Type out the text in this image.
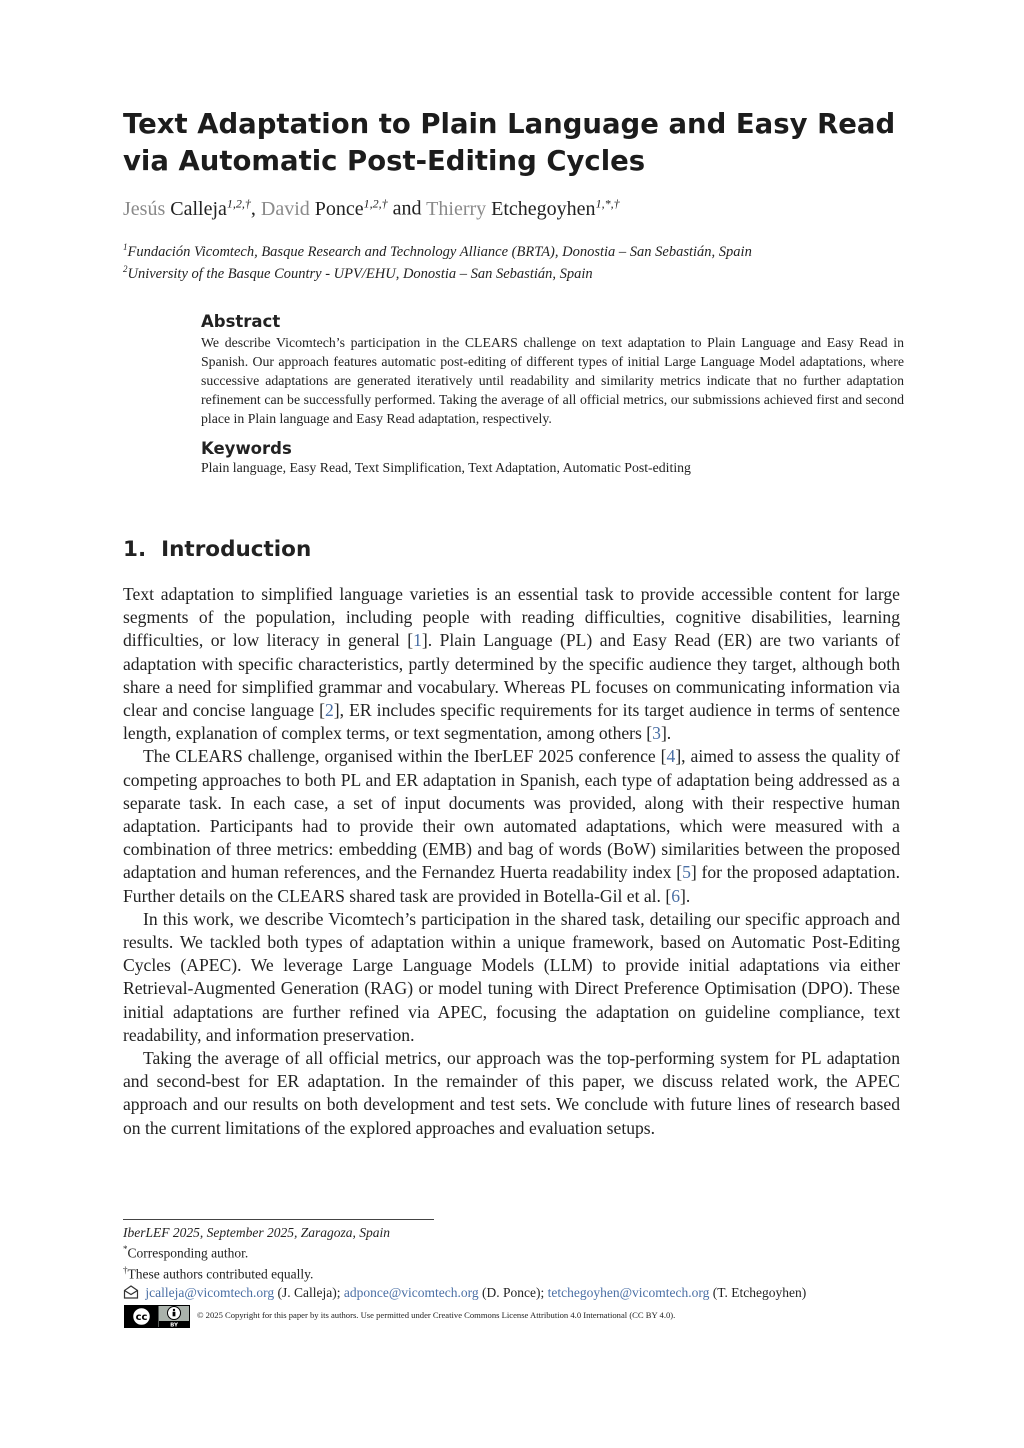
Text Adaptation to Plain Language and Easy Read via Automatic Post-Editing Cycles
Jesús Calleja$^{1,2,\dagger}$, David Ponce$^{1,2,\dagger}$ and Thierry Etchegoyhen$^{1,*,\dagger}$
$^1$Fundación Vicomtech, Basque Research and Technology Alliance (BRTA), Donostia – San Sebastián, Spain
$^2$University of the Basque Country - UPV/EHU, Donostia – San Sebastián, Spain
Abstract
We describe Vicomtech’s participation in the CLEARS challenge on text adaptation to Plain Language and Easy Read in Spanish. Our approach features automatic post-editing of different types of initial Large Language Model adaptations, where successive adaptations are generated iteratively until readability and similarity metrics indicate that no further adaptation refinement can be successfully performed. Taking the average of all official metrics, our submissions achieved first and second place in Plain language and Easy Read adaptation, respectively.
Keywords
Plain language, Easy Read, Text Simplification, Text Adaptation, Automatic Post-editing
1. Introduction

Text adaptation to simplified language varieties is an essential task to provide accessible content for large segments of the population, including people with reading difficulties, cognitive disabilities, learning difficulties, or low literacy in general [1]. Plain Language (PL) and Easy Read (ER) are two variants of adaptation with specific characteristics, partly determined by the specific audience they target, although both share a need for simplified grammar and vocabulary. Whereas PL focuses on communicating information via clear and concise language [2], ER includes specific requirements for its target audience in terms of sentence length, explanation of complex terms, or text segmentation, among others [3].

The CLEARS challenge, organised within the IberLEF 2025 conference [4], aimed to assess the quality of competing approaches to both PL and ER adaptation in Spanish, each type of adaptation being addressed as a separate task. In each case, a set of input documents was provided, along with their respective human adaptation. Participants had to provide their own automated adaptations, which were measured with a combination of three metrics: embedding (EMB) and bag of words (BoW) similarities between the proposed adaptation and human references, and the Fernandez Huerta readability index [5] for the proposed adaptation. Further details on the CLEARS shared task are provided in Botella-Gil et al. [6].

In this work, we describe Vicomtech’s participation in the shared task, detailing our specific approach and results. We tackled both types of adaptation within a unique framework, based on Automatic Post-Editing Cycles (APEC). We leverage Large Language Models (LLM) to provide initial adaptations via either Retrieval-Augmented Generation (RAG) or model tuning with Direct Preference Optimisation (DPO). These initial adaptations are further refined via APEC, focusing the adaptation on guideline compliance, text readability, and information preservation.

Taking the average of all official metrics, our approach was the top-performing system for PL adaptation and second-best for ER adaptation. In the remainder of this paper, we discuss related work, the APEC approach and our results on both development and test sets. We conclude with future lines of research based on the current limitations of the explored approaches and evaluation setups.

IberLEF 2025, September 2025, Zaragoza, Spain
*Corresponding author.
†These authors contributed equally.
jcalleja@vicomtech.org (J. Calleja); adponce@vicomtech.org (D. Ponce); tetchegoyhen@vicomtech.org (T. Etchegoyhen)
cc
BY
© 2025 Copyright for this paper by its authors. Use permitted under Creative Commons License Attribution 4.0 International (CC BY 4.0).
